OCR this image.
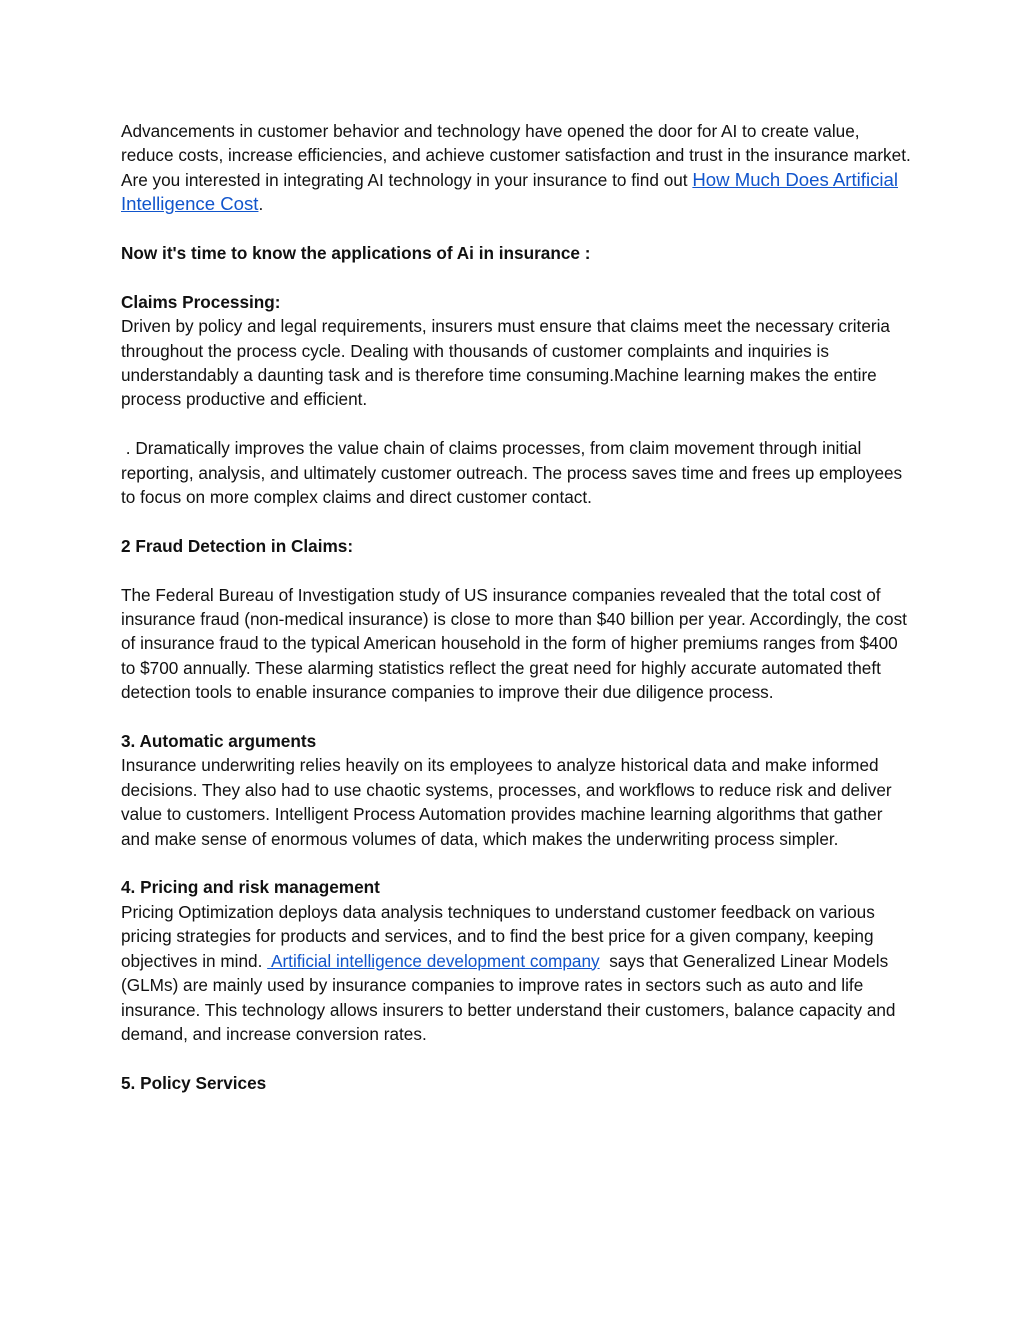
Advancements in customer behavior and technology have opened the door for AI to create value, reduce costs, increase efficiencies, and achieve customer satisfaction and trust in the insurance market. Are you interested in integrating AI technology in your insurance to find out How Much Does Artificial Intelligence Cost.

Now it's time to know the applications of Ai in insurance :

Claims Processing:

Driven by policy and legal requirements, insurers must ensure that claims meet the necessary criteria throughout the process cycle. Dealing with thousands of customer complaints and inquiries is understandably a daunting task and is therefore time consuming.Machine learning makes the entire process productive and efficient.

. Dramatically improves the value chain of claims processes, from claim movement through initial reporting, analysis, and ultimately customer outreach. The process saves time and frees up employees to focus on more complex claims and direct customer contact.

2 Fraud Detection in Claims:

The Federal Bureau of Investigation study of US insurance companies revealed that the total cost of insurance fraud (non-medical insurance) is close to more than $40 billion per year. Accordingly, the cost of insurance fraud to the typical American household in the form of higher premiums ranges from $400 to $700 annually. These alarming statistics reflect the great need for highly accurate automated theft detection tools to enable insurance companies to improve their due diligence process.

3. Automatic arguments

Insurance underwriting relies heavily on its employees to analyze historical data and make informed decisions. They also had to use chaotic systems, processes, and workflows to reduce risk and deliver value to customers. Intelligent Process Automation provides machine learning algorithms that gather and make sense of enormous volumes of data, which makes the underwriting process simpler.

4. Pricing and risk management

Pricing Optimization deploys data analysis techniques to understand customer feedback on various pricing strategies for products and services, and to find the best price for a given company, keeping objectives in mind.  Artificial intelligence development company  says that Generalized Linear Models (GLMs) are mainly used by insurance companies to improve rates in sectors such as auto and life insurance. This technology allows insurers to better understand their customers, balance capacity and demand, and increase conversion rates.

5. Policy Services
